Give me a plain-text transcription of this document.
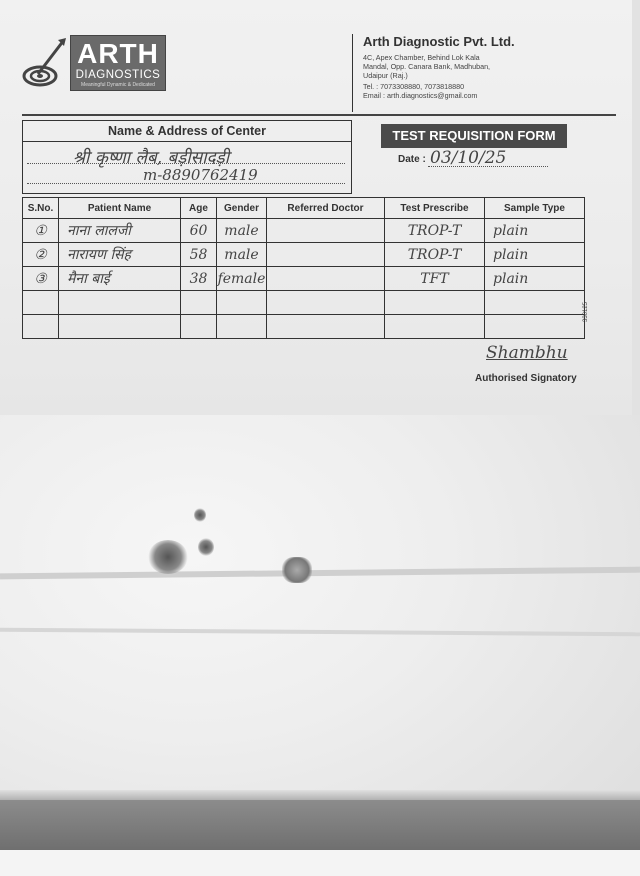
ARTH
DIAGNOSTICS
Meaningful Dynamic & Dedicated
Arth Diagnostic Pvt. Ltd.
4C, Apex Chamber, Behind Lok Kala
Mandal, Opp. Canara Bank, Madhuban,
Udaipur (Raj.)
Tel. : 7073308880, 7073818880
Email : arth.diagnostics@gmail.com
Name & Address of Center
श्री कृष्णा लैब, बड़ीसादड़ी
m-8890762419
TEST REQUISITION FORM
Date : 03/10/25
S.No.	Patient Name	Age	Gender	Referred Doctor	Test Prescribe	Sample Type
①	नाना लालजी	60	male		TROP-T	plain
②	नारायण सिंह	58	male		TROP-T	plain
③	मैना बाई	38	female		TFT	plain

330125
Shambhu
Authorised Signatory
